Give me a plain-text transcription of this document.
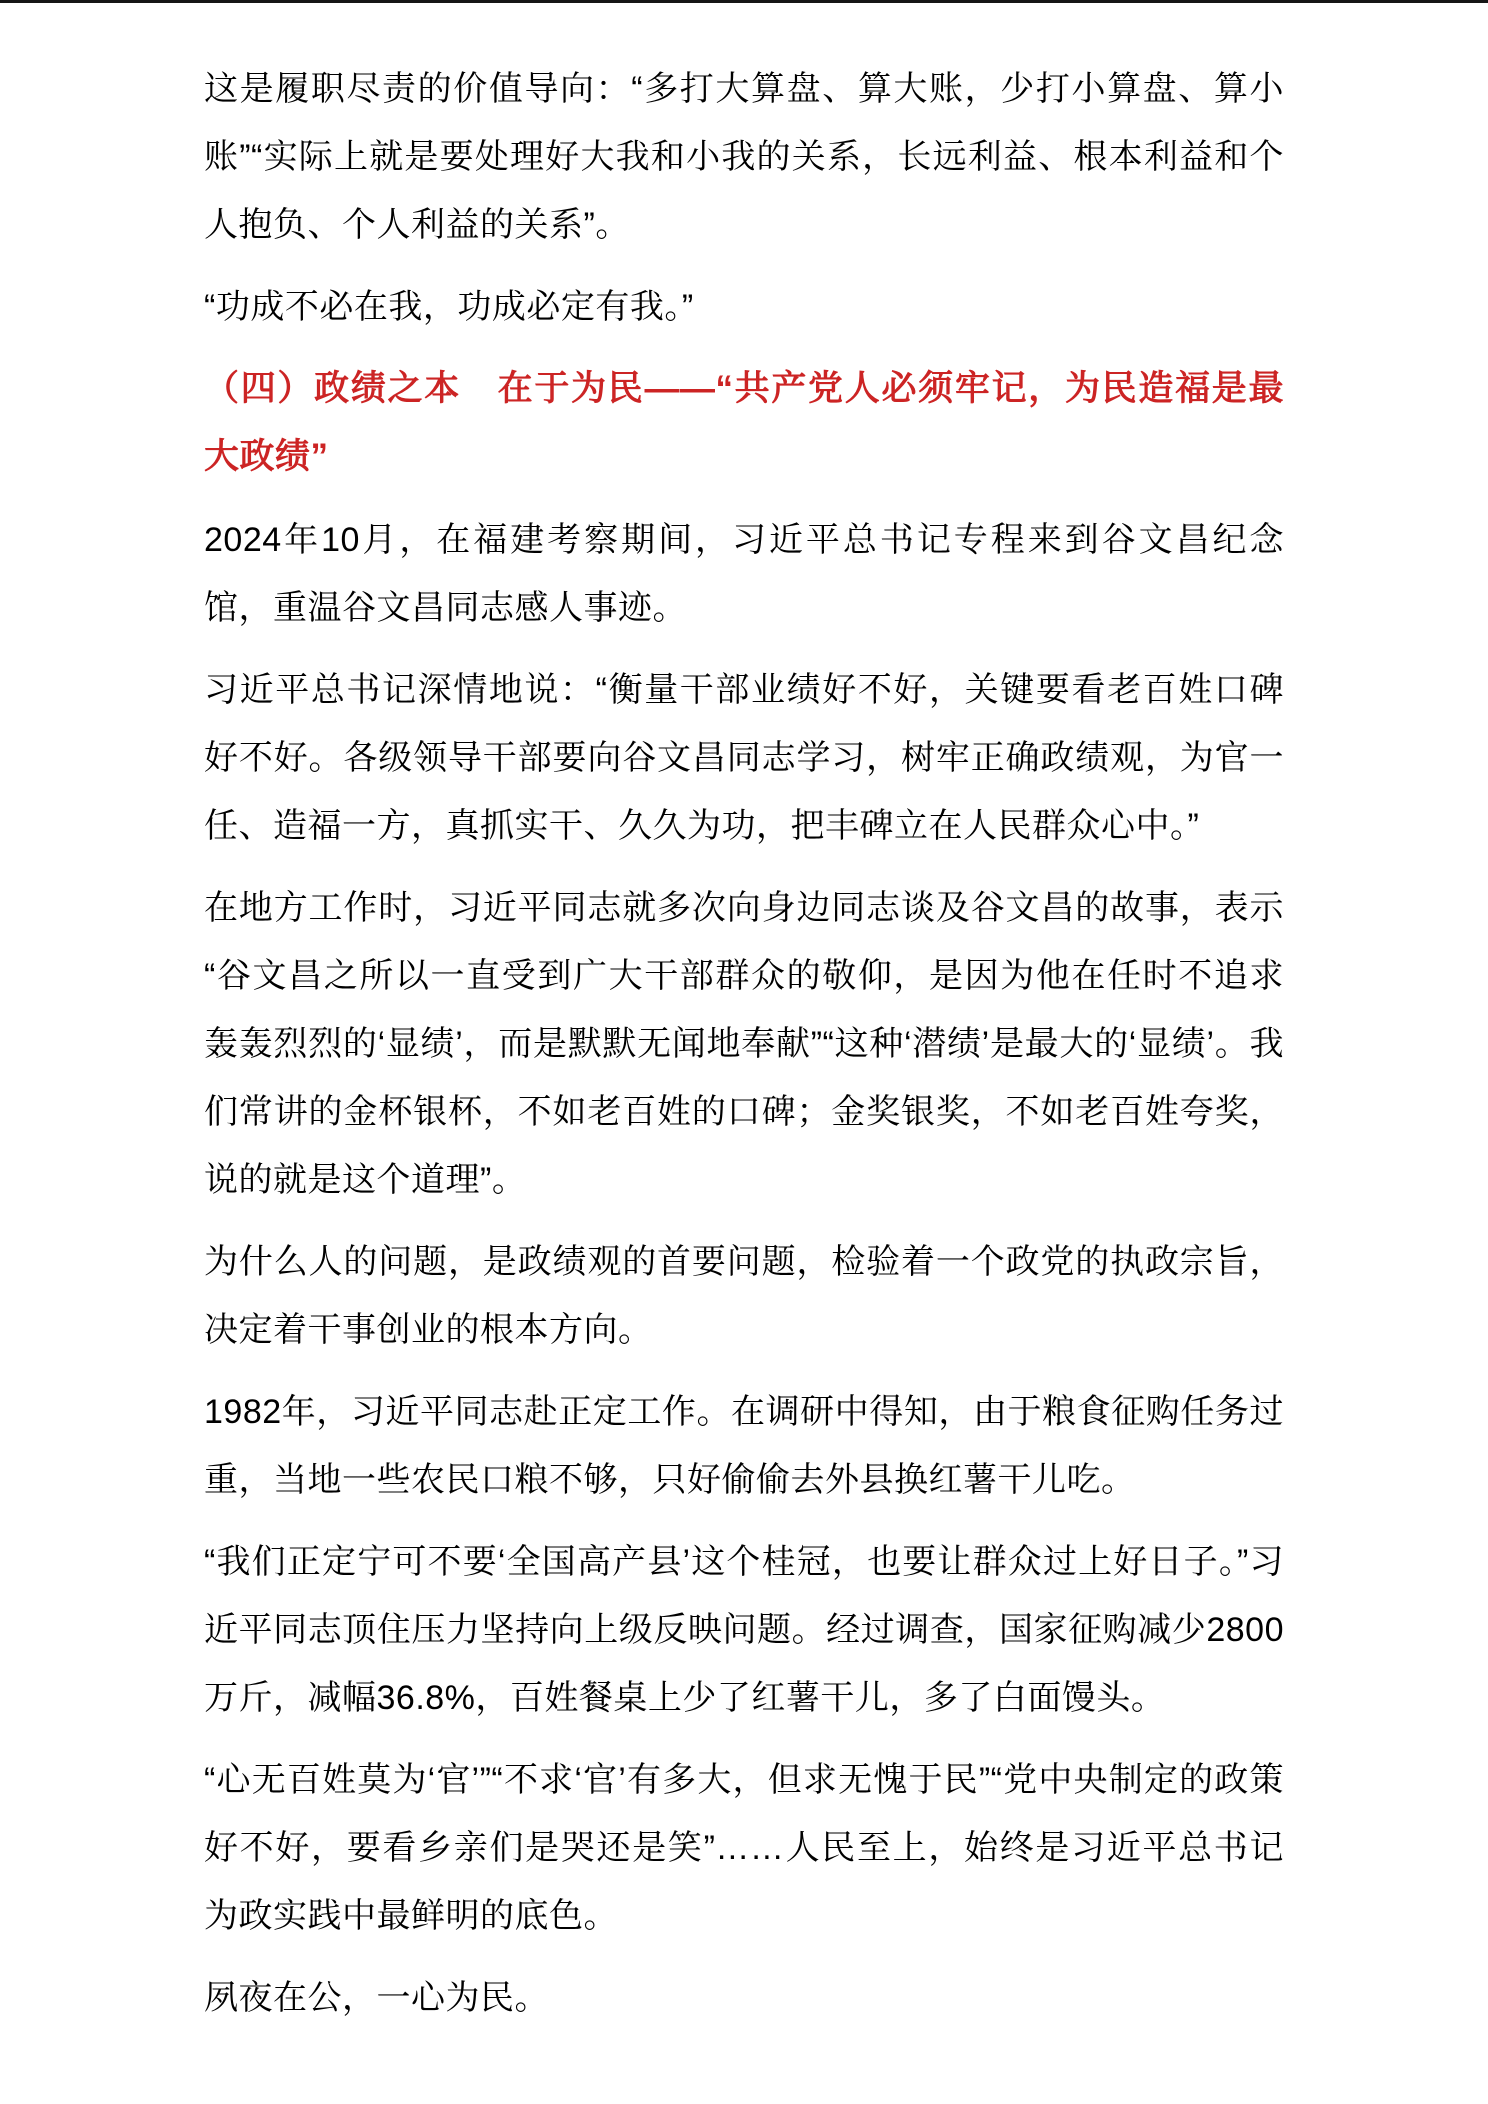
这是履职尽责的价值导向：“多打大算盘、算大账，少打小算盘、算小账”“实际上就是要处理好大我和小我的关系，长远利益、根本利益和个人抱负、个人利益的关系”。

“功成不必在我，功成必定有我。”

（四）政绩之本　在于为民——“共产党人必须牢记，为民造福是最大政绩”

2024年10月，在福建考察期间，习近平总书记专程来到谷文昌纪念馆，重温谷文昌同志感人事迹。

习近平总书记深情地说：“衡量干部业绩好不好，关键要看老百姓口碑好不好。各级领导干部要向谷文昌同志学习，树牢正确政绩观，为官一任、造福一方，真抓实干、久久为功，把丰碑立在人民群众心中。”

在地方工作时，习近平同志就多次向身边同志谈及谷文昌的故事，表示“谷文昌之所以一直受到广大干部群众的敬仰，是因为他在任时不追求轰轰烈烈的‘显绩’，而是默默无闻地奉献”“这种‘潜绩’是最大的‘显绩’。我们常讲的金杯银杯，不如老百姓的口碑；金奖银奖，不如老百姓夸奖，说的就是这个道理”。

为什么人的问题，是政绩观的首要问题，检验着一个政党的执政宗旨，决定着干事创业的根本方向。

1982年，习近平同志赴正定工作。在调研中得知，由于粮食征购任务过重，当地一些农民口粮不够，只好偷偷去外县换红薯干儿吃。

“我们正定宁可不要‘全国高产县’这个桂冠，也要让群众过上好日子。”习近平同志顶住压力坚持向上级反映问题。经过调查，国家征购减少2800万斤，减幅36.8%，百姓餐桌上少了红薯干儿，多了白面馒头。

“心无百姓莫为‘官’”“不求‘官’有多大，但求无愧于民”“党中央制定的政策好不好，要看乡亲们是哭还是笑”……人民至上，始终是习近平总书记为政实践中最鲜明的底色。

夙夜在公，一心为民。
